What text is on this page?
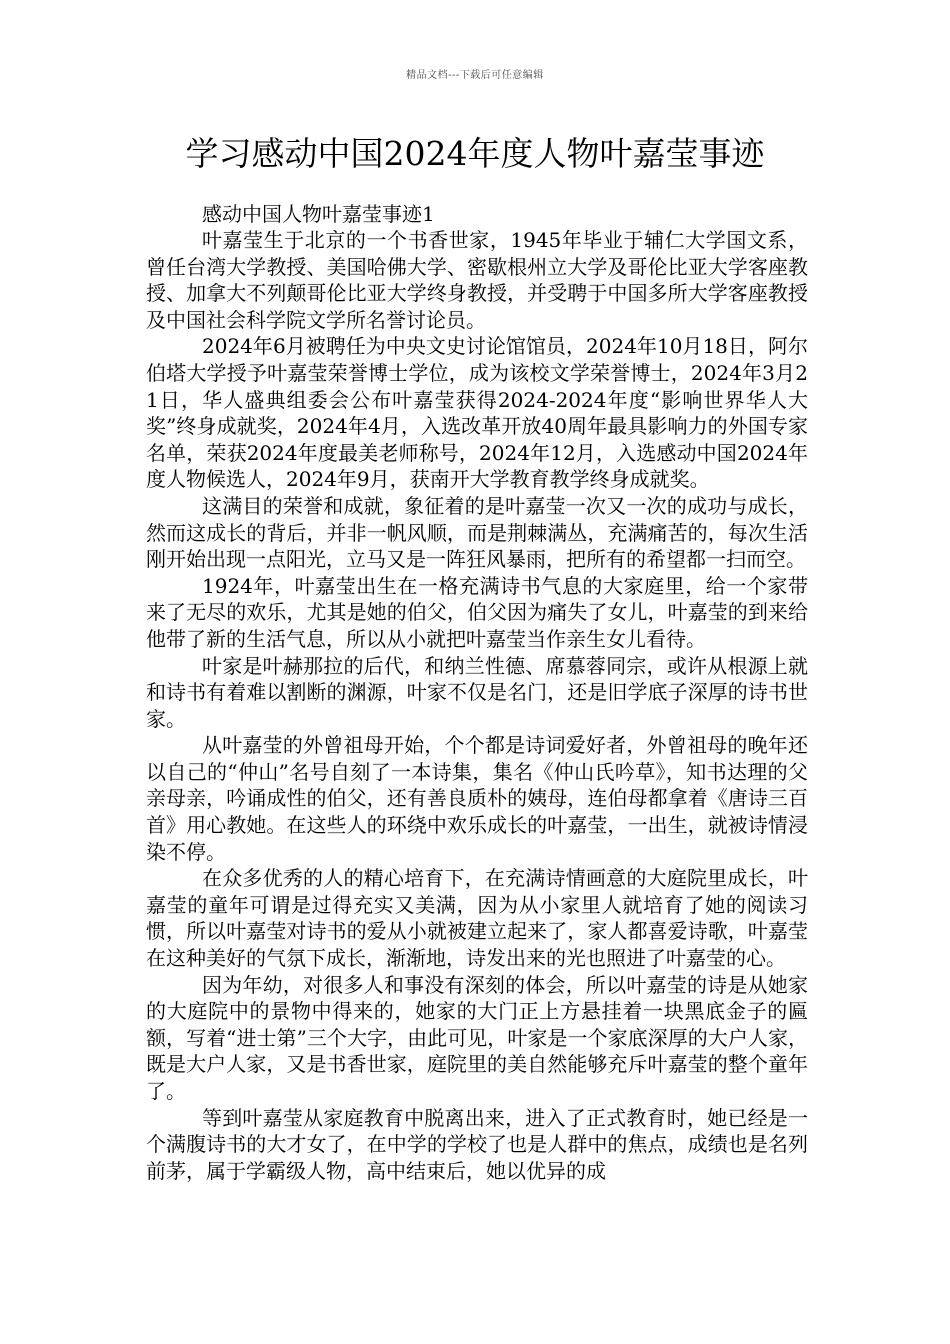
精品文档---下载后可任意编辑
学习感动中国2024年度人物叶嘉莹事迹

感动中国人物叶嘉莹事迹1

叶嘉莹生于北京的一个书香世家，1945年毕业于辅仁大学国文系，曾任台湾大学教授、美国哈佛大学、密歇根州立大学及哥伦比亚大学客座教授、加拿大不列颠哥伦比亚大学终身教授，并受聘于中国多所大学客座教授及中国社会科学院文学所名誉讨论员。

2024年6月被聘任为中央文史讨论馆馆员，2024年10月18日，阿尔伯塔大学授予叶嘉莹荣誉博士学位，成为该校文学荣誉博士，2024年3月21日，华人盛典组委会公布叶嘉莹获得2024-2024年度“影响世界华人大奖”终身成就奖，2024年4月，入选改革开放40周年最具影响力的外国专家名单，荣获2024年度最美老师称号，2024年12月，入选感动中国2024年度人物候选人，2024年9月，获南开大学教育教学终身成就奖。

这满目的荣誉和成就，象征着的是叶嘉莹一次又一次的成功与成长，然而这成长的背后，并非一帆风顺，而是荆棘满丛，充满痛苦的，每次生活刚开始出现一点阳光，立马又是一阵狂风暴雨，把所有的希望都一扫而空。

1924年，叶嘉莹出生在一格充满诗书气息的大家庭里，给一个家带来了无尽的欢乐，尤其是她的伯父，伯父因为痛失了女儿，叶嘉莹的到来给他带了新的生活气息，所以从小就把叶嘉莹当作亲生女儿看待。

叶家是叶赫那拉的后代，和纳兰性德、席慕蓉同宗，或许从根源上就和诗书有着难以割断的渊源，叶家不仅是名门，还是旧学底子深厚的诗书世家。

从叶嘉莹的外曾祖母开始，个个都是诗词爱好者，外曾祖母的晚年还以自己的“仲山”名号自刻了一本诗集，集名《仲山氏吟草》，知书达理的父亲母亲，吟诵成性的伯父，还有善良质朴的姨母，连伯母都拿着《唐诗三百首》用心教她。在这些人的环绕中欢乐成长的叶嘉莹，一出生，就被诗情浸染不停。

在众多优秀的人的精心培育下，在充满诗情画意的大庭院里成长，叶嘉莹的童年可谓是过得充实又美满，因为从小家里人就培育了她的阅读习惯，所以叶嘉莹对诗书的爱从小就被建立起来了，家人都喜爱诗歌，叶嘉莹在这种美好的气氛下成长，渐渐地，诗发出来的光也照进了叶嘉莹的心。

因为年幼，对很多人和事没有深刻的体会，所以叶嘉莹的诗是从她家的大庭院中的景物中得来的，她家的大门正上方悬挂着一块黑底金子的匾额，写着“进士第”三个大字，由此可见，叶家是一个家底深厚的大户人家，既是大户人家，又是书香世家，庭院里的美自然能够充斥叶嘉莹的整个童年了。

等到叶嘉莹从家庭教育中脱离出来，进入了正式教育时，她已经是一个满腹诗书的大才女了，在中学的学校了也是人群中的焦点，成绩也是名列前茅，属于学霸级人物，高中结束后，她以优异的成
